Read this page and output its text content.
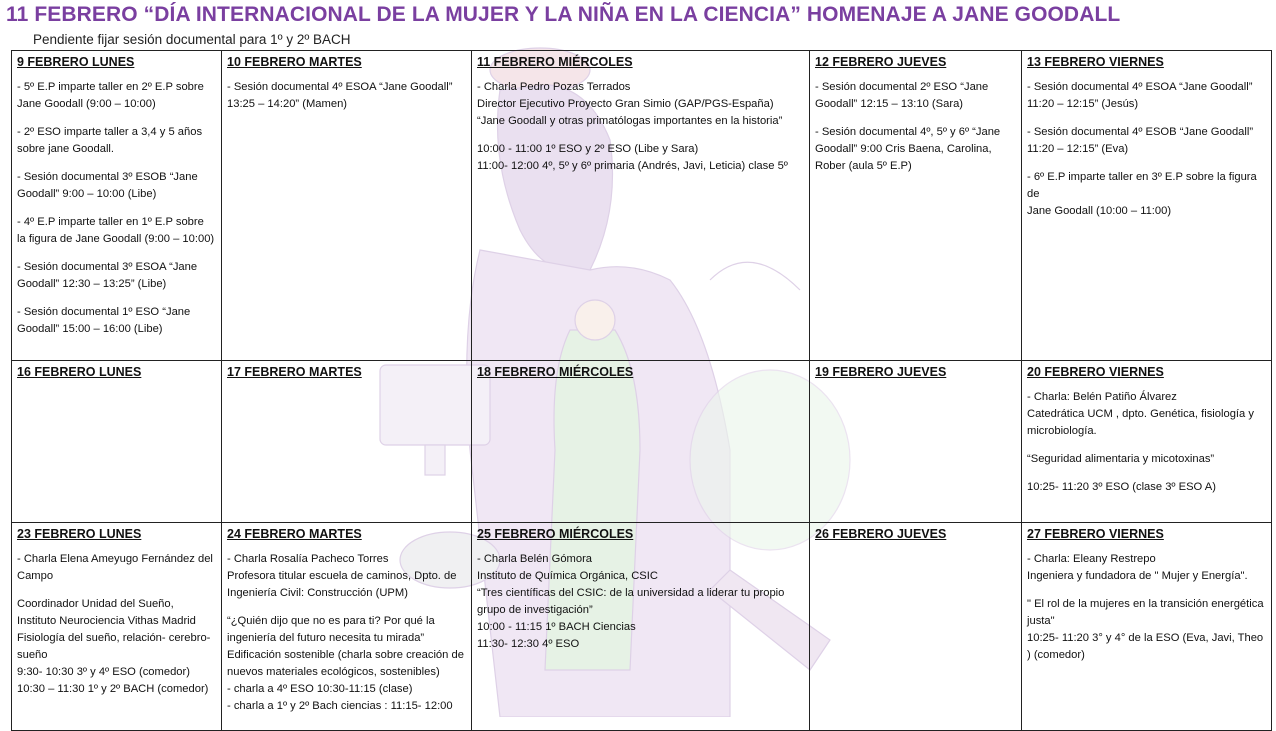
11 FEBRERO “DÍA INTERNACIONAL DE LA MUJER Y LA NIÑA EN LA CIENCIA” HOMENAJE A JANE GOODALL
Pendiente fijar sesión documental para 1º y 2º BACH
9 FEBRERO LUNES
- 5º E.P imparte taller en 2º E.P sobre Jane Goodall (9:00 – 10:00)
- 2º ESO imparte taller a 3,4 y 5 años sobre jane Goodall.
- Sesión documental 3º ESOB “Jane Goodall” 9:00 – 10:00 (Libe)
- 4º E.P imparte taller en 1º E.P sobre la figura de Jane Goodall (9:00 – 10:00)
- Sesión documental 3º ESOA “Jane Goodall” 12:30 – 13:25” (Libe)
- Sesión documental 1º ESO “Jane Goodall” 15:00 – 16:00 (Libe)
10 FEBRERO MARTES
- Sesión documental 4º ESOA “Jane Goodall”
13:25 – 14:20” (Mamen)
11 FEBRERO MIÉRCOLES
- Charla Pedro Pozas Terrados
Director Ejecutivo Proyecto Gran Simio (GAP/PGS-España)
“Jane Goodall y otras primatólogas importantes en la historia”
10:00 - 11:00 1º ESO y 2º ESO (Libe y Sara)
11:00- 12:00 4º, 5º y 6º primaria (Andrés, Javi, Leticia) clase 5º
12 FEBRERO JUEVES
- Sesión documental 2º ESO “Jane
Goodall” 12:15 – 13:10 (Sara)
- Sesión documental 4º, 5º y 6º “Jane
Goodall” 9:00 Cris Baena, Carolina,
Rober (aula 5º E.P)
13 FEBRERO VIERNES
- Sesión documental 4º ESOA “Jane Goodall”
11:20 – 12:15” (Jesús)
- Sesión documental 4º ESOB “Jane Goodall”
11:20 – 12:15” (Eva)
- 6º E.P imparte taller en 3º E.P sobre la figura de
Jane Goodall (10:00 – 11:00)
16 FEBRERO LUNES	17 FEBRERO MARTES	18 FEBRERO MIÉRCOLES	19 FEBRERO JUEVES	20 FEBRERO VIERNES
- Charla: Belén Patiño Álvarez
Catedrática UCM , dpto. Genética, fisiología y
microbiología.
“Seguridad alimentaria y micotoxinas”
10:25- 11:20 3º ESO (clase 3º ESO A)
23 FEBRERO LUNES
- Charla Elena Ameyugo Fernández del Campo
Coordinador Unidad del Sueño, Instituto Neurociencia Vithas Madrid
Fisiología del sueño, relación- cerebro- sueño
9:30- 10:30 3º y 4º ESO (comedor)
10:30 – 11:30 1º y 2º BACH (comedor)
24 FEBRERO MARTES
- Charla Rosalía Pacheco Torres
Profesora titular escuela de caminos, Dpto. de Ingeniería Civil: Construcción (UPM)
“¿Quién dijo que no es para ti? Por qué la ingeniería del futuro necesita tu mirada”
Edificación sostenible (charla sobre creación de nuevos materiales ecológicos, sostenibles)
- charla a 4º ESO 10:30-11:15 (clase)
- charla a 1º y 2º Bach ciencias : 11:15- 12:00
25 FEBRERO MIÉRCOLES
- Charla Belén Gómora
Instituto de Química Orgánica, CSIC
“Tres científicas del CSIC: de la universidad a liderar tu propio grupo de investigación”
10:00 - 11:15 1º BACH Ciencias
11:30- 12:30 4º ESO
26 FEBRERO JUEVES	27 FEBRERO VIERNES
- Charla: Eleany Restrepo
Ingeniera y fundadora de " Mujer y Energía".
" El rol de la mujeres en la transición energética justa"
10:25- 11:20 3° y 4° de la ESO (Eva, Javi, Theo ) (comedor)
